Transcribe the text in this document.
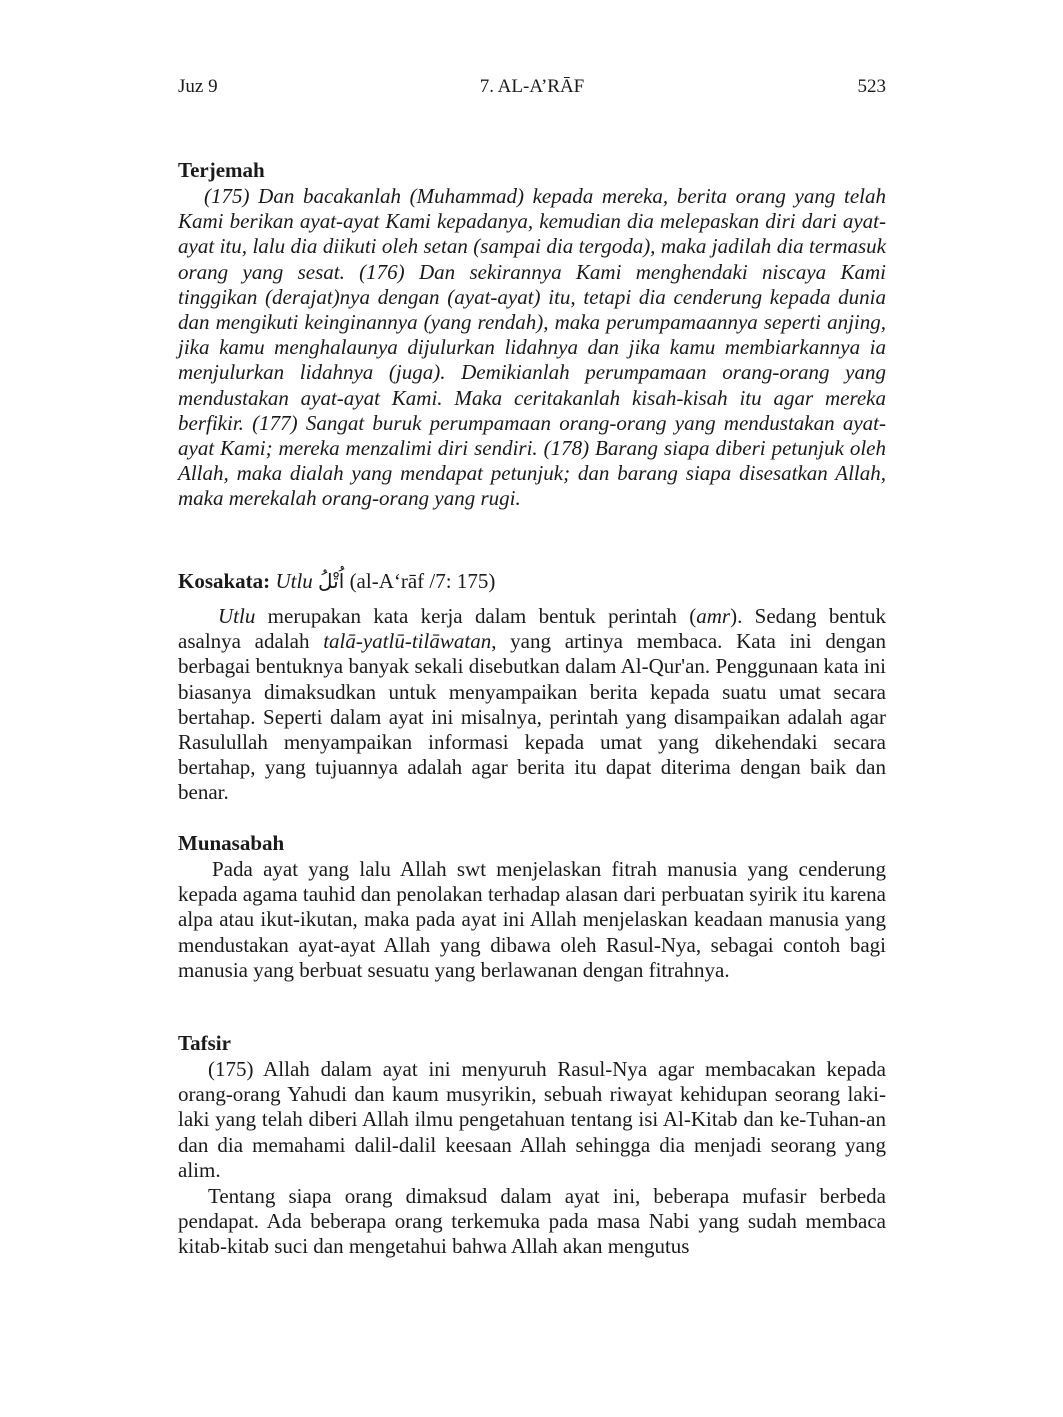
Juz 9	7. AL-A’RĀF	523
Terjemah

(175) Dan bacakanlah (Muhammad) kepada mereka, berita orang yang telah Kami berikan ayat-ayat Kami kepadanya, kemudian dia melepaskan diri dari ayat-ayat itu, lalu dia diikuti oleh setan (sampai dia tergoda), maka jadilah dia termasuk orang yang sesat. (176) Dan sekirannya Kami menghendaki niscaya Kami tinggikan (derajat)nya dengan (ayat-ayat) itu, tetapi dia cenderung kepada dunia dan mengikuti keinginannya (yang rendah), maka perumpamaannya seperti anjing, jika kamu menghalaunya dijulurkan lidahnya dan jika kamu membiarkannya ia menjulurkan lidahnya (juga). Demikianlah perumpamaan orang-orang yang mendustakan ayat-ayat Kami. Maka ceritakanlah kisah-kisah itu agar mereka berfikir. (177) Sangat buruk perumpamaan orang-orang yang mendustakan ayat-ayat Kami; mereka menzalimi diri sendiri. (178) Barang siapa diberi petunjuk oleh Allah, maka dialah yang mendapat petunjuk; dan barang siapa disesatkan Allah, maka merekalah orang-orang yang rugi.

Kosakata: Utlu اُتْلُ (al-A‘rāf /7: 175)

Utlu merupakan kata kerja dalam bentuk perintah (amr). Sedang bentuk asalnya adalah talā-yatlū-tilāwatan, yang artinya membaca. Kata ini dengan berbagai bentuknya banyak sekali disebutkan dalam Al-Qur'an. Penggunaan kata ini biasanya dimaksudkan untuk menyampaikan berita kepada suatu umat secara bertahap. Seperti dalam ayat ini misalnya, perintah yang disampaikan adalah agar Rasulullah menyampaikan informasi kepada umat yang dikehendaki secara bertahap, yang tujuannya adalah agar berita itu dapat diterima dengan baik dan benar.

Munasabah

Pada ayat yang lalu Allah swt menjelaskan fitrah manusia yang cenderung kepada agama tauhid dan penolakan terhadap alasan dari perbuatan syirik itu karena alpa atau ikut-ikutan, maka pada ayat ini Allah menjelaskan keadaan manusia yang mendustakan ayat-ayat Allah yang dibawa oleh Rasul-Nya, sebagai contoh bagi manusia yang berbuat sesuatu yang berlawanan dengan fitrahnya.

Tafsir

(175) Allah dalam ayat ini menyuruh Rasul-Nya agar membacakan kepada orang-orang Yahudi dan kaum musyrikin, sebuah riwayat kehidupan seorang laki-laki yang telah diberi Allah ilmu pengetahuan tentang isi Al-Kitab dan ke-Tuhan-an dan dia memahami dalil-dalil keesaan Allah sehingga dia menjadi seorang yang alim.

Tentang siapa orang dimaksud dalam ayat ini, beberapa mufasir berbeda pendapat. Ada beberapa orang terkemuka pada masa Nabi yang sudah membaca kitab-kitab suci dan mengetahui bahwa Allah akan mengutus
